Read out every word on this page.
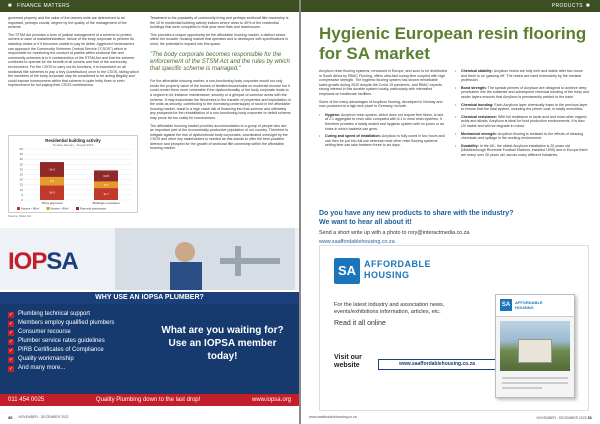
■ FINANCE MATTERS

governed properly and the value of the owners units are determined to an important, perhaps crucial, degree by the quality of the management of the scheme.

The STSM Act provides a form of judicial management of a scheme to protect owners in case of maladministration, failure of the body corporate to perform its statutory duties or if it becomes unable to pay its debts. Aggrieved homeowners can approach the Community Schemes Ombud Service ("CSOS") which is responsible for monitoring the conduct of parties within sectional title and community schemes is to it contravention of the STSM Act and that the scheme continues to operate for the benefit of all owners and that of the community environment. For the CSOS to carry out its functions, it is incumbent on all sectional title schemes to pay a levy (contribution) once to the CSOS, failing which the members of the body corporate may be considered to be acting illegally and could expose homeowners within that scheme to quite hefty fines or even imprisonment for not paying their CSOS contributions.

Residential building activity
To date January - August 2015
0
5
10
15
20
25
30
35
40
45
50
14,3
8,3
14,6
Plans approved
11,7
6,5
10,8
Buildings completed
Houses > 80m²	Houses < 80m²	Flats and townhouses
Source: Stats SA

Testament to the popularity of community living and perhaps sectional title ownership is the 10 th residential building activity indices where close to 40% of the residential buildings that were completed in that year were flats and townhouses.

This provides a unique opportunity for the affordable housing market, a distinct sector within the broader housing market that operates and is developed with specifications in mind, the potential to expand into this space.

"The body corporate becomes responsible for the enforcement of the STSM Act and the rules by which that specific scheme is managed."

For the affordable housing market, a non-functioning body corporate would not only erode the property value of the homes of families/households on moderate income but it could render them more vulnerable if the dysfunctionality of the body corporate leads to a neglect in for instance maintenance, security or a glimpse of common areas with the scheme. It may exacerbate the fierceness in the transfer of properties and exploitation of the units as security, contributing to the increasing undersupply of stock in the affordable housing market, result in a high crash risk of financing into that scheme and ultimately any prospects for the rehabilitation of a non-functioning body corporate or deficit scheme may prove far too costly for homeowners.

The affordable housing market provides accommodation to a group of people who are an important part of the economically productive population of our country. Therefore to mitigate against the risk of dysfunctional body corporates, coordinated oversight by the CSOS and other key stakeholders is needed as this stands to offer the best possible defence and prospect for the growth of sectional title ownership within the affordable housing market.

IOPSA
WHY USE AN IOPSA PLUMBER?
✓ Plumbing technical support
✓ Members employ qualified plumbers
✓ Consumer recourse
✓ Plumber service rates guidelines
✓ PIRB Certificates of Compliance
✓ Quality workmanship
✓ And many more...
What are you waiting for?
Use an IOPSA member
today!
011 454 0025	Quality Plumbing down to the last drop!	www.iopsa.org
30 NOVEMBER - DECEMBER 2022
PRODUCTS ■
Hygienic European resin flooring for SA market

Acrylicon resin flooring systems, renowned in Europe, and soon to be distributed in South Africa by RBAC Flooring, offers ultra-fast curing time coupled with high compressive strength. The hygienic flooring system has shown remarkable sales growth during 2020 despite the Covid-19 pandemic, and RBAC expects strong interest in this durable system locally, particularly with intensified emphasis on healthcare facilities.

Some of the many advantages of Acrylicon flooring, developed in Norway and now produced at a high-tech plant in Germany, include:

• Hygiene: Acrylicon resin system, which does not require free fibers, is laid at 2:1 aggregate to resin ratio compared with 6:1 in most resin systems. It therefore provides a totally sealed and hygienic system with no pores or air holes in which bacteria can grow.
• Curing and speed of installation: Acrylicon is fully cured in two hours and can then be put into full use whereas most other resin flooring systems' setting time can take between three to six days.
• Chemical stability: Acrylicon resins are fully inert and stable after two hours and there is no 'gassing off'. The resins are used extensively by the medical profession.
• Bond strength: The special primers of Acrylicon are designed to achieve deep penetration into the substrate and subsequent chemical bonding of the body and sealer layers ensures that Acrylicon is permanently welded to the base.
• Chemical bonding: Each Acrylicon layer chemically fuses to the previous layer to ensure that the total system, including the primer coat, is totally monolithic.
• Chemical resistance: With full resistance to lactic acid and most other organic acids and alkalis, Acrylicon is ideal for food production environments. It is also UV stable and will not degrade in colour.
• Mechanical strength: Acrylicon flooring is resistant to the effects of cleaning chemicals and spillage in the working environment.
• Durability: In the UK, the oldest Acrylicon installation is 25 years old (Middlesbrough Riverside Football Stadium, installed 1995) and in Europe there are many over 30 years old, across many different industries.
Do you have any new products to share with the industry?
We want to hear all about it!
Send a short write up with a photo to rory@interactmedia.co.za
www.saaffordablehousing.co.za
SA AFFORDABLE
HOUSING
For the latest industry and association news, events/exhibitions information, articles, etc.
Read it all online
Visit our
website	www.saaffordablehousing.co.za
SA	AFFORDABLE
HOUSING
www.saaffordablehousing.co.za	NOVEMBER - DECEMBER 2022 31
